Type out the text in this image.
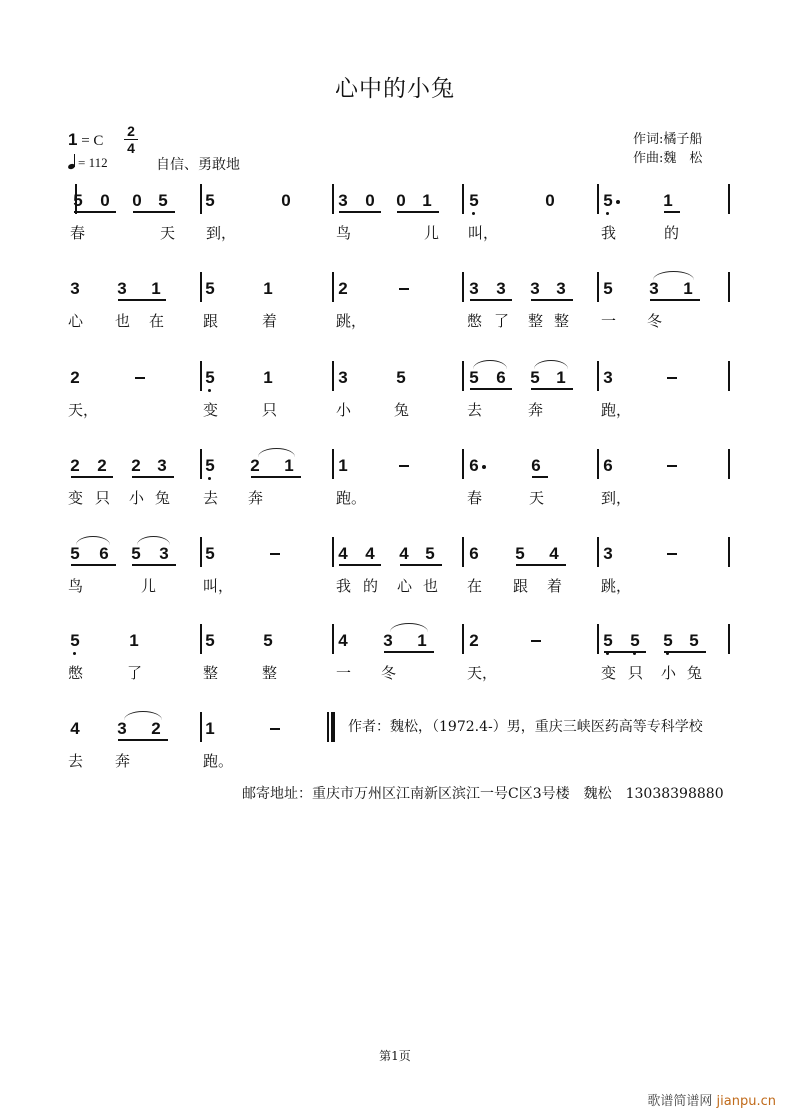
心中的小兔
1 = C
2
4
= 112	自信、勇敢地
作词:橘子船
作曲:魏　松
5 0 0 5 5	0	3 0 0 1 5	0	5	1
春	天 到，	鸟	儿 叫，	我	的
3 3 1	5	1	2	3 3 3 3 5 3 1
心 也 在	跟	着	跳，	憋 了 整 整 一 冬
2	5	1	3	5	5 6 5 1 3
天，	变	只	小	兔	去	奔	跑，
2 2 2 3 5 2 1	1	6	6	6
变 只 小 兔 去 奔	跑。	春	天	到，
5 6 5 3 5	4 4 4 5 6 5 4	3
鸟	儿	叫，	我 的 心 也 在 跟 着	跳，
5	1	5	5	4 3 1	2	5 5 5 5
憋	了	整	整	一 冬	天，	变 只 小 兔
4 3 2	1
去 奔	跑。
作者：魏松，（1972.4-）男，重庆三峡医药高等专科学校
邮寄地址：重庆市万州区江南新区滨江一号C区3号楼　魏松　13038398880
第1页
歌谱简谱网 jianpu.cn
